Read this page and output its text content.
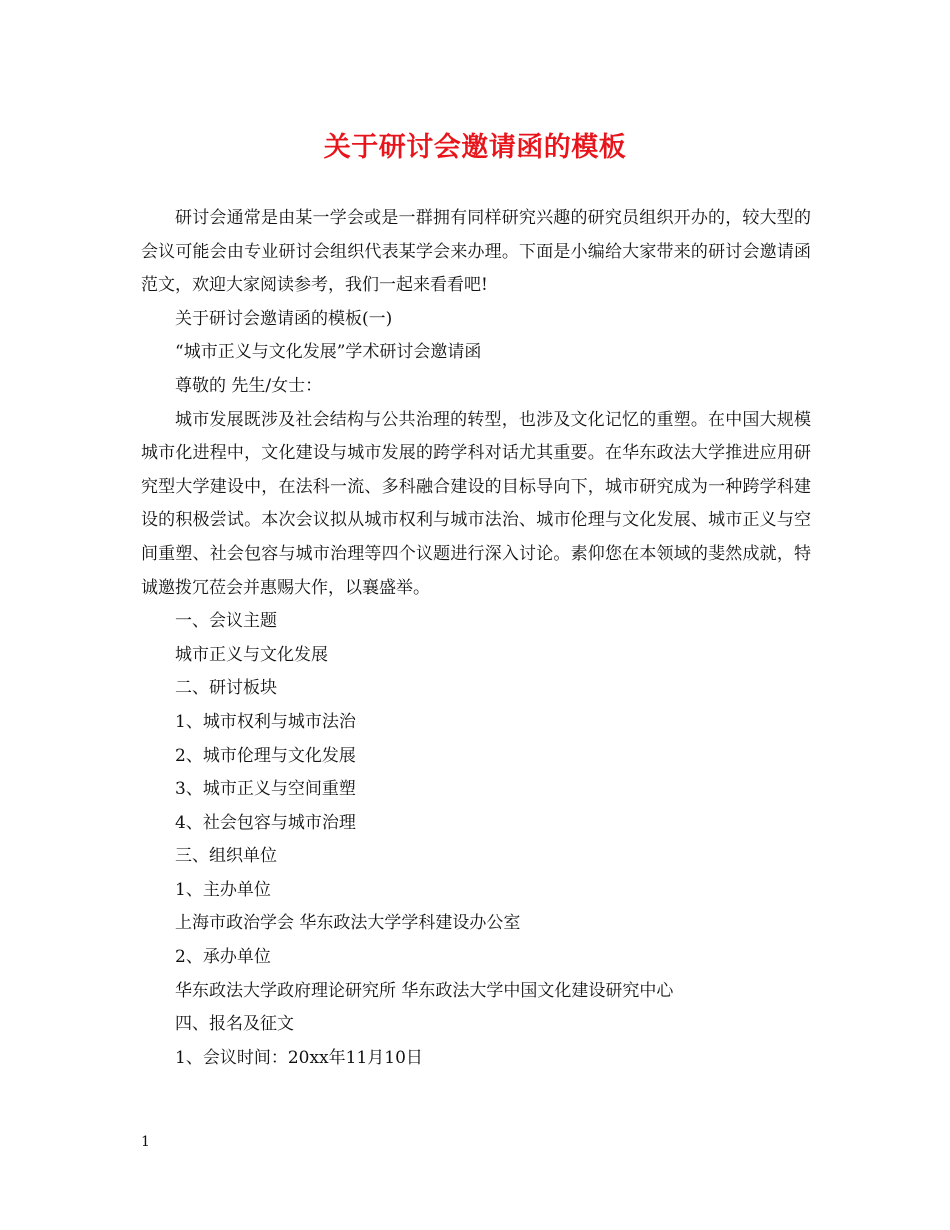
关于研讨会邀请函的模板

研讨会通常是由某一学会或是一群拥有同样研究兴趣的研究员组织开办的，较大型的会议可能会由专业研讨会组织代表某学会来办理。下面是小编给大家带来的研讨会邀请函范文，欢迎大家阅读参考，我们一起来看看吧!

关于研讨会邀请函的模板(一)

“城市正义与文化发展”学术研讨会邀请函

尊敬的 先生/女士：

城市发展既涉及社会结构与公共治理的转型，也涉及文化记忆的重塑。在中国大规模城市化进程中，文化建设与城市发展的跨学科对话尤其重要。在华东政法大学推进应用研究型大学建设中，在法科一流、多科融合建设的目标导向下，城市研究成为一种跨学科建设的积极尝试。本次会议拟从城市权利与城市法治、城市伦理与文化发展、城市正义与空间重塑、社会包容与城市治理等四个议题进行深入讨论。素仰您在本领域的斐然成就，特诚邀拨冗莅会并惠赐大作，以襄盛举。

一、会议主题

城市正义与文化发展

二、研讨板块

1、城市权利与城市法治

2、城市伦理与文化发展

3、城市正义与空间重塑

4、社会包容与城市治理

三、组织单位

1、主办单位

上海市政治学会 华东政法大学学科建设办公室

2、承办单位

华东政法大学政府理论研究所 华东政法大学中国文化建设研究中心

四、报名及征文

1、会议时间：20xx年11月10日

1
